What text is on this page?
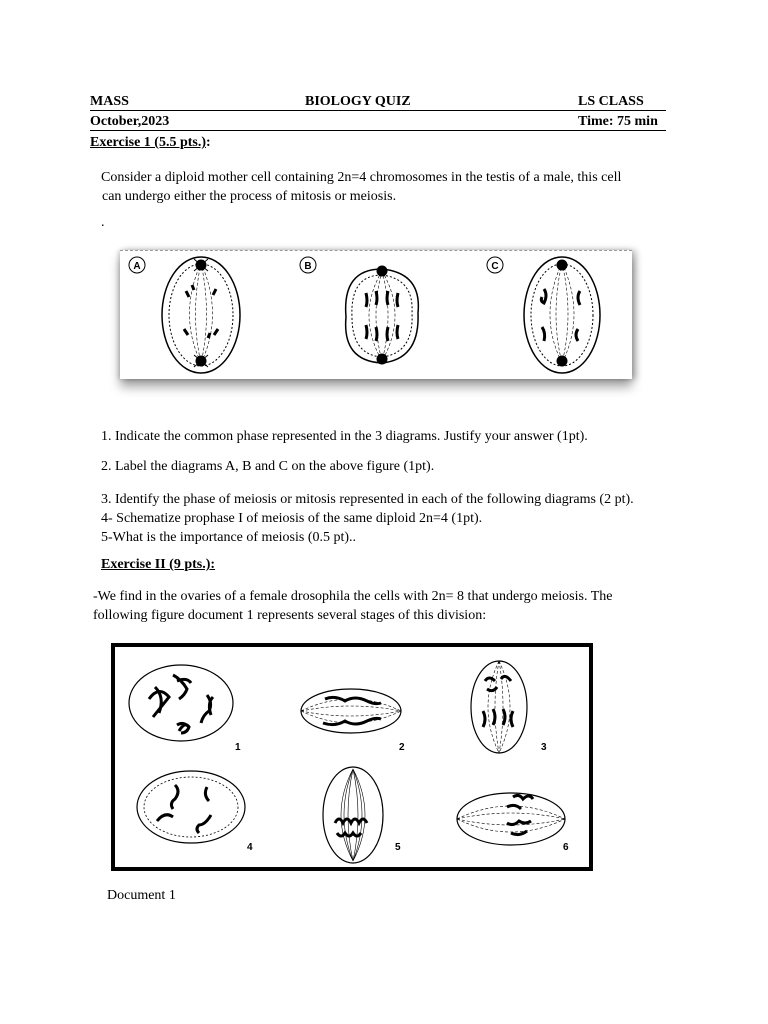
MASS	BIOLOGY QUIZ	LS CLASS
October,2023	Time: 75 min
Exercise 1 (5.5 pts.):
Consider a diploid mother cell containing 2n=4 chromosomes in the testis of a male, this cell
can undergo either the process of mitosis or meiosis.
.
A	B	C
1. Indicate the common phase represented in the 3 diagrams. Justify your answer (1pt).
2. Label the diagrams A, B and C on the above figure (1pt).
3. Identify the phase of meiosis or mitosis represented in each of the following diagrams (2 pt).
4- Schematize prophase I of meiosis of the same diploid 2n=4 (1pt).
5-What is the importance of meiosis (0.5 pt)..
Exercise II (9 pts.):
-We find in the ovaries of a female drosophila the cells with 2n= 8 that undergo meiosis. The
following figure document 1 represents several stages of this division:
1	2	3
4	5	6
Document 1
